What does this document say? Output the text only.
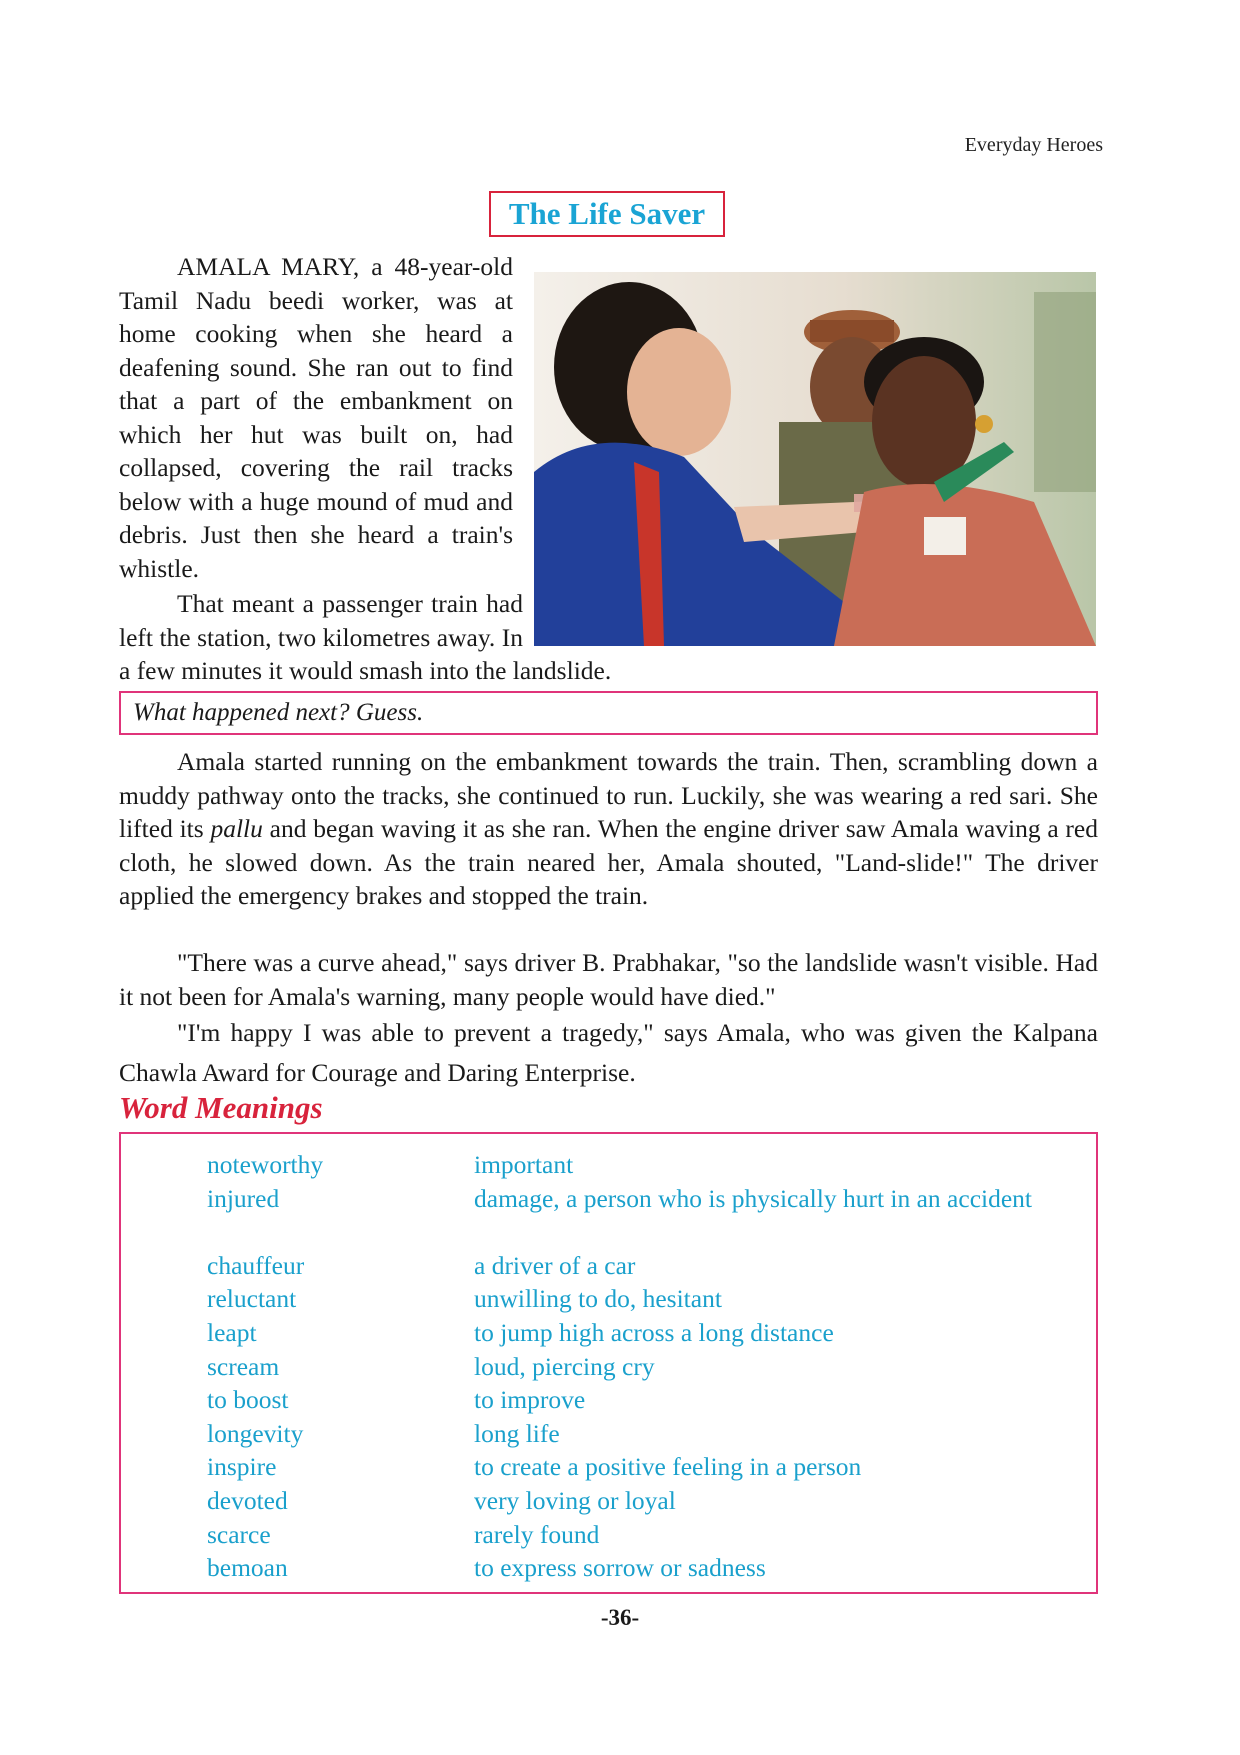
Everyday Heroes
The Life Saver

AMALA MARY, a 48-year-old Tamil Nadu beedi worker, was at home cooking when she heard a deafening sound. She ran out to find that a part of the embankment on which her hut was built on, had collapsed, covering the rail tracks below with a huge mound of mud and debris. Just then she heard a train's whistle.

That meant a passenger train had left the station, two kilometres away. In a few minutes it would smash into the landslide.

What happened next? Guess.

Amala started running on the embankment towards the train. Then, scrambling down a muddy pathway onto the tracks, she continued to run. Luckily, she was wearing a red sari. She lifted its pallu and began waving it as she ran. When the engine driver saw Amala waving a red cloth, he slowed down. As the train neared her, Amala shouted, "Land-slide!" The driver applied the emergency brakes and stopped the train.

"There was a curve ahead," says driver B. Prabhakar, "so the landslide wasn't visible. Had it not been for Amala's warning, many people would have died."

"I'm happy I was able to prevent a tragedy," says Amala, who was given the Kalpana Chawla Award for Courage and Daring Enterprise.

Word Meanings
noteworthy	important
injured	damage, a person who is physically hurt in an accident
chauffeur	a driver of a car
reluctant	unwilling to do, hesitant
leapt	to jump high across a long distance
scream	loud, piercing cry
to boost	to improve
longevity	long life
inspire	to create a positive feeling in a person
devoted	very loving or loyal
scarce	rarely found
bemoan	to express sorrow or sadness
-36-
